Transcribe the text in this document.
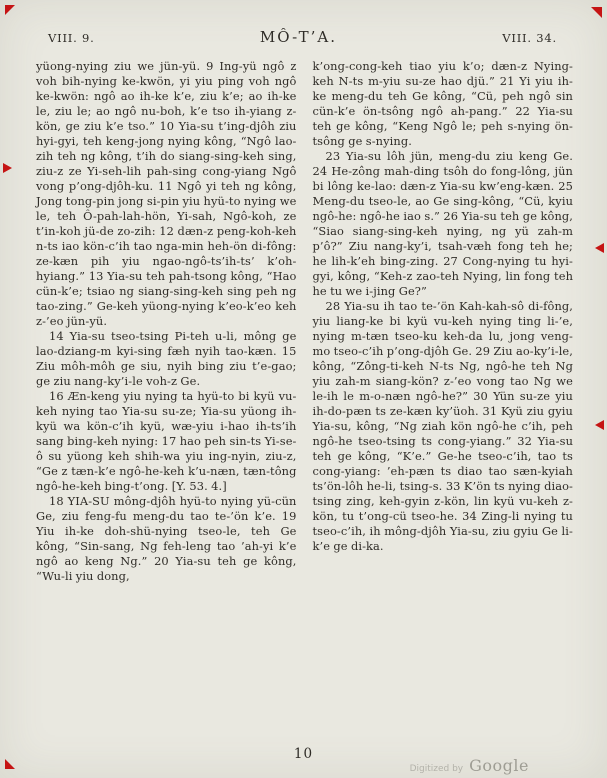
VIII. 9.	MÔ-T’A.	VIII. 34.

yüong-nying ziu we jün-yü. 9 Ing-yü ngô z voh bih-nying ke-kwön, yi yiu ping voh ngô ke-kwön: ngô ao ih-ke k’e, ziu k’e; ao ih-ke le, ziu le; ao ngô nu-boh, k’e tso ih-yiang z-kön, ge ziu k’e tso.” 10 Yia-su t’ing-djôh ziu hyi-gyi, teh keng-jong nying kông, “Ngô lao-zih teh ng kông, t’ih do siang-sing-keh sing, ziu-z ze Yi-seh-lih pah-sing cong-yiang Ngô vong p’ong-djôh-ku. 11 Ngô yi teh ng kông, Jong tong-pin jong si-pin yiu hyü-to nying we le, teh Ô-pah-lah-hön, Yi-sah, Ngô-koh, ze t’in-koh jü-de zo-zih: 12 dæn-z peng-koh-keh n-ts iao kön-c’ih tao nga-min heh-ön di-fông: ze-kæn pih yiu ngao-ngô-ts’ih-ts’ k’oh-hyiang.” 13 Yia-su teh pah-tsong kông, “Hao cün-k’e; tsiao ng siang-sing-keh sing peh ng tao-zing.” Ge-keh yüong-nying k’eo-k’eo keh z-’eo jün-yü.

14 Yia-su tseo-tsing Pi-teh u-li, mông ge lao-dziang-m kyi-sing fæh nyih tao-kæn. 15 Ziu môh-môh ge siu, nyih bing ziu t’e-gao; ge ziu nang-ky’i-le voh-z Ge.

16 Æn-keng yiu nying ta hyü-to bi kyü vu-keh nying tao Yia-su su-ze; Yia-su yüong ih-kyü wa kön-c’ih kyü, wæ-yiu i-hao ih-ts’ih sang bing-keh nying: 17 hao peh sin-ts Yi-se-ô su yüong keh shih-wa yiu ing-nyin, ziu-z, “Ge z tæn-k’e ngô-he-keh k’u-næn, tæn-tông ngô-he-keh bing-t’ong. [Y. 53. 4.]

18 YIA-SU mông-djôh hyü-to nying yü-cün Ge, ziu feng-fu meng-du tao te-’ön k’e. 19 Yiu ih-ke doh-shü-nying tseo-le, teh Ge kông, “Sin-sang, Ng feh-leng tao ’ah-yi k’e ngô ao keng Ng.” 20 Yia-su teh ge kông, “Wu-li yiu dong,

k’ong-cong-keh tiao yiu k’o; dæn-z Nying-keh N-ts m-yiu su-ze hao djü.” 21 Yi yiu ih-ke meng-du teh Ge kông, “Cü, peh ngô sin cün-k’e ön-tsông ngô ah-pang.” 22 Yia-su teh ge kông, “Keng Ngô le; peh s-nying ön-tsông ge s-nying.

23 Yia-su lôh jün, meng-du ziu keng Ge. 24 He-zông mah-ding tsôh do fong-lông, jün bi lông ke-lao: dæn-z Yia-su kw’eng-kæn. 25 Meng-du tseo-le, ao Ge sing-kông, “Cü, kyiu ngô-he: ngô-he iao s.” 26 Yia-su teh ge kông, “Siao siang-sing-keh nying, ng yü zah-m p’ô?” Ziu nang-ky’i, tsah-væh fong teh he; he lih-k’eh bing-zing. 27 Cong-nying tu hyi-gyi, kông, “Keh-z zao-teh Nying, lin fong teh he tu we i-jing Ge?”

28 Yia-su ih tao te-’ön Kah-kah-sô di-fông, yiu liang-ke bi kyü vu-keh nying ting li-’e, nying m-tæn tseo-ku keh-da lu, jong veng-mo tseo-c’ih p’ong-djôh Ge. 29 Ziu ao-ky’i-le, kông, “Zông-ti-keh N-ts Ng, ngô-he teh Ng yiu zah-m siang-kön? z-’eo vong tao Ng we le-ih le m-o-næn ngô-he?” 30 Yün su-ze yiu ih-do-pæn ts ze-kæn ky’üoh. 31 Kyü ziu gyiu Yia-su, kông, “Ng ziah kön ngô-he c’ih, peh ngô-he tseo-tsing ts cong-yiang.” 32 Yia-su teh ge kông, “K’e.” Ge-he tseo-c’ih, tao ts cong-yiang: ’eh-pæn ts diao tao sæn-kyiah ts’ön-lôh he-li, tsing-s. 33 K’ön ts nying diao-tsing zing, keh-gyin z-kön, lin kyü vu-keh z-kön, tu t’ong-cü tseo-he. 34 Zing-li nying tu tseo-c’ih, ih mông-djôh Yia-su, ziu gyiu Ge li-k’e ge di-ka.

10
Digitized by Google
